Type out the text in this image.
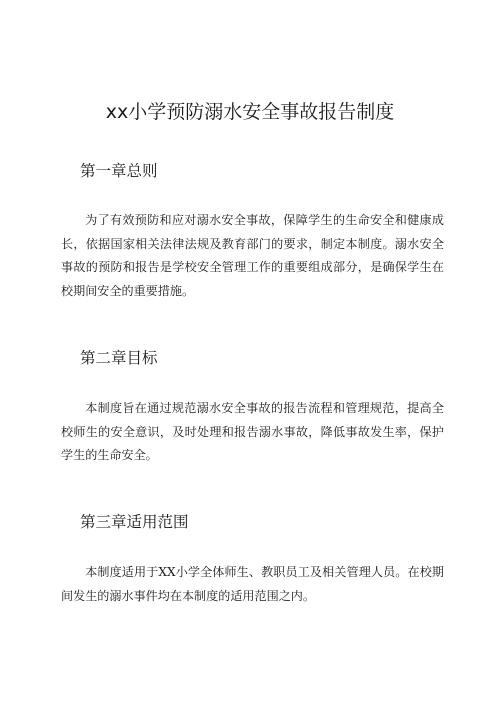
xx小学预防溺水安全事故报告制度
第一章总则

为了有效预防和应对溺水安全事故，保障学生的生命安全和健康成长，依据国家相关法律法规及教育部门的要求，制定本制度。溺水安全事故的预防和报告是学校安全管理工作的重要组成部分，是确保学生在校期间安全的重要措施。

第二章目标

本制度旨在通过规范溺水安全事故的报告流程和管理规范，提高全校师生的安全意识，及时处理和报告溺水事故，降低事故发生率，保护学生的生命安全。

第三章适用范围

本制度适用于XX小学全体师生、教职员工及相关管理人员。在校期间发生的溺水事件均在本制度的适用范围之内。
